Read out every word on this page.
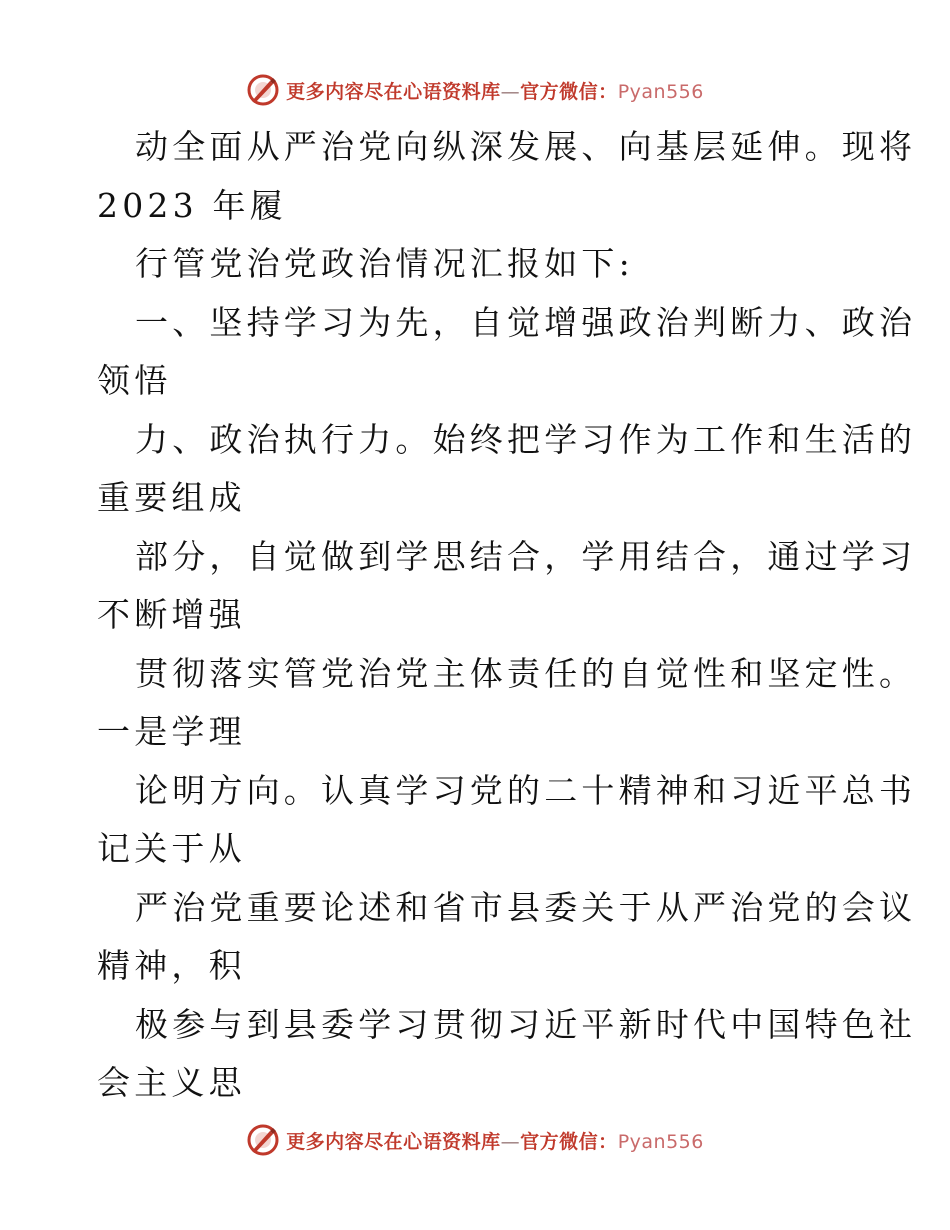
更多内容尽在心语资料库—官方微信：Pyan556
动全面从严治党向纵深发展、向基层延伸。现将
2023 年履
行管党治党政治情况汇报如下:
一、坚持学习为先，自觉增强政治判断力、政治
领悟
力、政治执行力。始终把学习作为工作和生活的
重要组成
部分，自觉做到学思结合，学用结合，通过学习
不断增强
贯彻落实管党治党主体责任的自觉性和坚定性。
一是学理
论明方向。认真学习党的二十精神和习近平总书
记关于从
严治党重要论述和省市县委关于从严治党的会议
精神，积
极参与到县委学习贯彻习近平新时代中国特色社
会主义思
更多内容尽在心语资料库—官方微信：Pyan556
